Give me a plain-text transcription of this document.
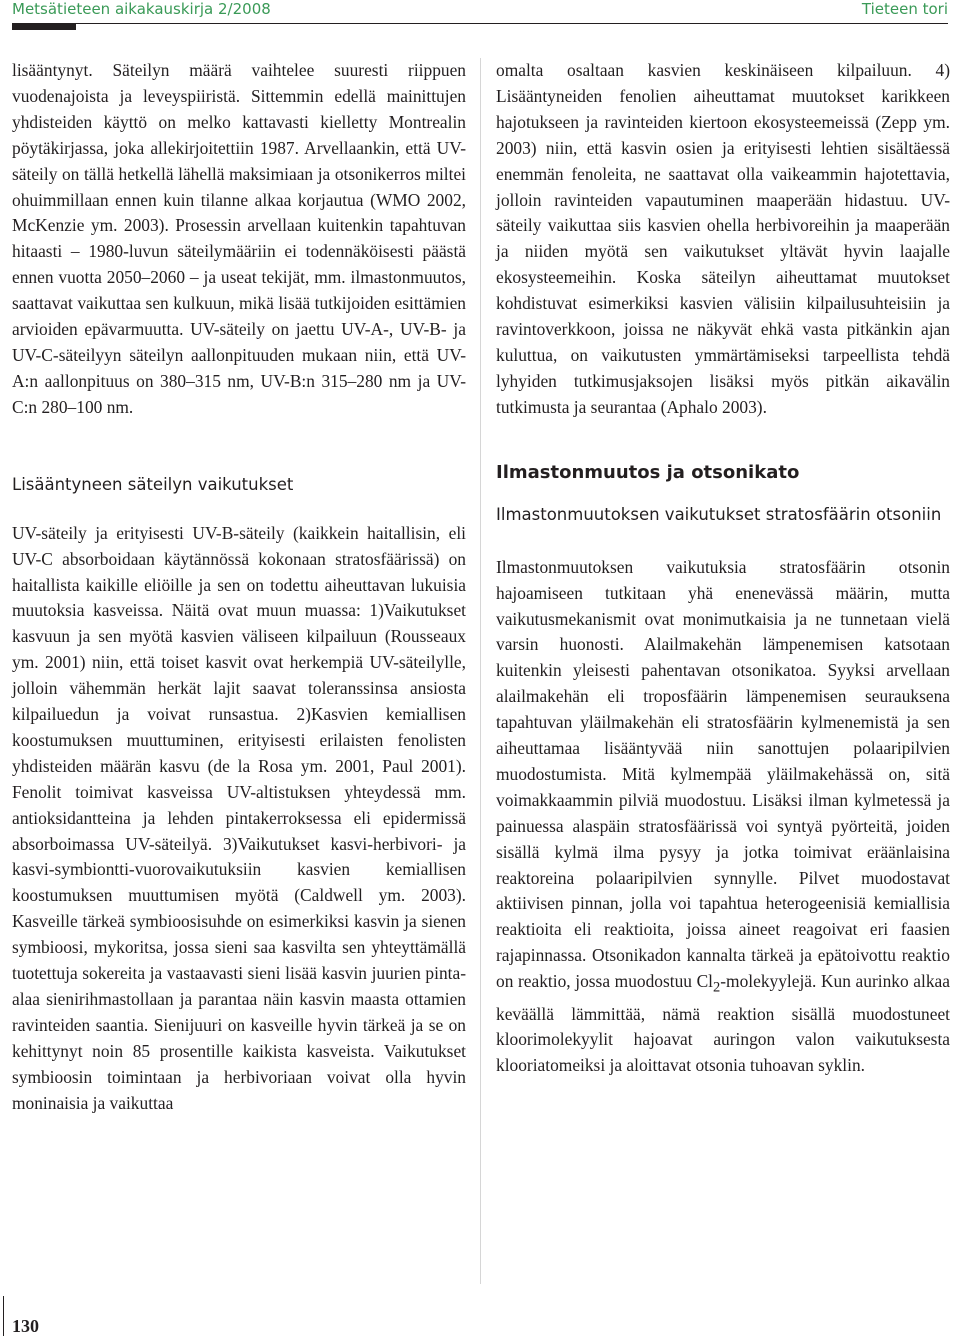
Metsätieteen aikakauskirja 2/2008	Tieteen tori

lisääntynyt. Säteilyn määrä vaihtelee suuresti riippuen vuodenajoista ja leveyspiiristä. Sittemmin edellä mainittujen yhdisteiden käyttö on melko kattavasti kielletty Montrealin pöytäkirjassa, joka allekirjoitettiin 1987. Arvellaankin, että UV-säteily on tällä hetkellä lähellä maksimiaan ja otsonikerros miltei ohuimmillaan ennen kuin tilanne alkaa korjautua (WMO 2002, McKenzie ym. 2003). Prosessin arvellaan kuitenkin tapahtuvan hitaasti – 1980-luvun säteilymääriin ei todennäköisesti päästä ennen vuotta 2050–2060 – ja useat tekijät, mm. ilmastonmuutos, saattavat vaikuttaa sen kulkuun, mikä lisää tutkijoiden esittämien arvioiden epävarmuutta. UV-säteily on jaettu UV-A-, UV-B- ja UV-C-säteilyyn säteilyn aallonpituuden mukaan niin, että UV-A:n aallonpituus on 380–315 nm, UV-B:n 315–280 nm ja UV-C:n 280–100 nm.

Lisääntyneen säteilyn vaikutukset

UV-säteily ja erityisesti UV-B-säteily (kaikkein haitallisin, eli UV-C absorboidaan käytännössä kokonaan stratosfäärissä) on haitallista kaikille eliöille ja sen on todettu aiheuttavan lukuisia muutoksia kasveissa. Näitä ovat muun muassa: 1)Vaikutukset kasvuun ja sen myötä kasvien väliseen kilpailuun (Rousseaux ym. 2001) niin, että toiset kasvit ovat herkempiä UV-säteilylle, jolloin vähemmän herkät lajit saavat toleranssinsa ansiosta kilpailuedun ja voivat runsastua. 2)Kasvien kemiallisen koostumuksen muuttuminen, erityisesti erilaisten fenolisten yhdisteiden määrän kasvu (de la Rosa ym. 2001, Paul 2001). Fenolit toimivat kasveissa UV-altistuksen yhteydessä mm. antioksidantteina ja lehden pintakerroksessa eli epidermissä absorboimassa UV-säteilyä. 3)Vaikutukset kasvi-herbivori- ja kasvi-symbiontti-vuorovaikutuksiin kasvien kemiallisen koostumuksen muuttumisen myötä (Caldwell ym. 2003). Kasveille tärkeä symbioosisuhde on esimerkiksi kasvin ja sienen symbioosi, mykoritsa, jossa sieni saa kasvilta sen yhteyttämällä tuotettuja sokereita ja vastaavasti sieni lisää kasvin juurien pinta-alaa sienirihmastollaan ja parantaa näin kasvin maasta ottamien ravinteiden saantia. Sienijuuri on kasveille hyvin tärkeä ja se on kehittynyt noin 85 prosentille kaikista kasveista. Vaikutukset symbioosin toimintaan ja herbivoriaan voivat olla hyvin moninaisia ja vaikuttaa

omalta osaltaan kasvien keskinäiseen kilpailuun. 4) Lisääntyneiden fenolien aiheuttamat muutokset karikkeen hajotukseen ja ravinteiden kiertoon ekosysteemeissä (Zepp ym. 2003) niin, että kasvin osien ja erityisesti lehtien sisältäessä enemmän fenoleita, ne saattavat olla vaikeammin hajotettavia, jolloin ravinteiden vapautuminen maaperään hidastuu. UV-säteily vaikuttaa siis kasvien ohella herbivoreihin ja maaperään ja niiden myötä sen vaikutukset yltävät hyvin laajalle ekosysteemeihin. Koska säteilyn aiheuttamat muutokset kohdistuvat esimerkiksi kasvien välisiin kilpailusuhteisiin ja ravintoverkkoon, joissa ne näkyvät ehkä vasta pitkänkin ajan kuluttua, on vaikutusten ymmärtämiseksi tarpeellista tehdä lyhyiden tutkimusjaksojen lisäksi myös pitkän aikavälin tutkimusta ja seurantaa (Aphalo 2003).

Ilmastonmuutos ja otsonikato

Ilmastonmuutoksen vaikutukset stratosfäärin otsoniin

Ilmastonmuutoksen vaikutuksia stratosfäärin otsonin hajoamiseen tutkitaan yhä enenevässä määrin, mutta vaikutusmekanismit ovat monimutkaisia ja ne tunnetaan vielä varsin huonosti. Alailmakehän lämpenemisen katsotaan kuitenkin yleisesti pahentavan otsonikatoa. Syyksi arvellaan alailmakehän eli troposfäärin lämpenemisen seurauksena tapahtuvan yläilmakehän eli stratosfäärin kylmenemistä ja sen aiheuttamaa lisääntyvää niin sanottujen polaaripilvien muodostumista. Mitä kylmempää yläilmakehässä on, sitä voimakkaammin pilviä muodostuu. Lisäksi ilman kylmetessä ja painuessa alaspäin stratosfäärissä voi syntyä pyörteitä, joiden sisällä kylmä ilma pysyy ja jotka toimivat eräänlaisina reaktoreina polaaripilvien synnylle. Pilvet muodostavat aktiivisen pinnan, jolla voi tapahtua heterogeenisiä kemiallisia reaktioita eli reaktioita, joissa aineet reagoivat eri faasien rajapinnassa. Otsonikadon kannalta tärkeä ja epätoivottu reaktio on reaktio, jossa muodostuu $Cl_2$-molekyylejä. Kun aurinko alkaa keväällä lämmittää, nämä reaktion sisällä muodostuneet kloorimolekyylit hajoavat auringon valon vaikutuksesta klooriatomeiksi ja aloittavat otsonia tuhoavan syklin.

130
